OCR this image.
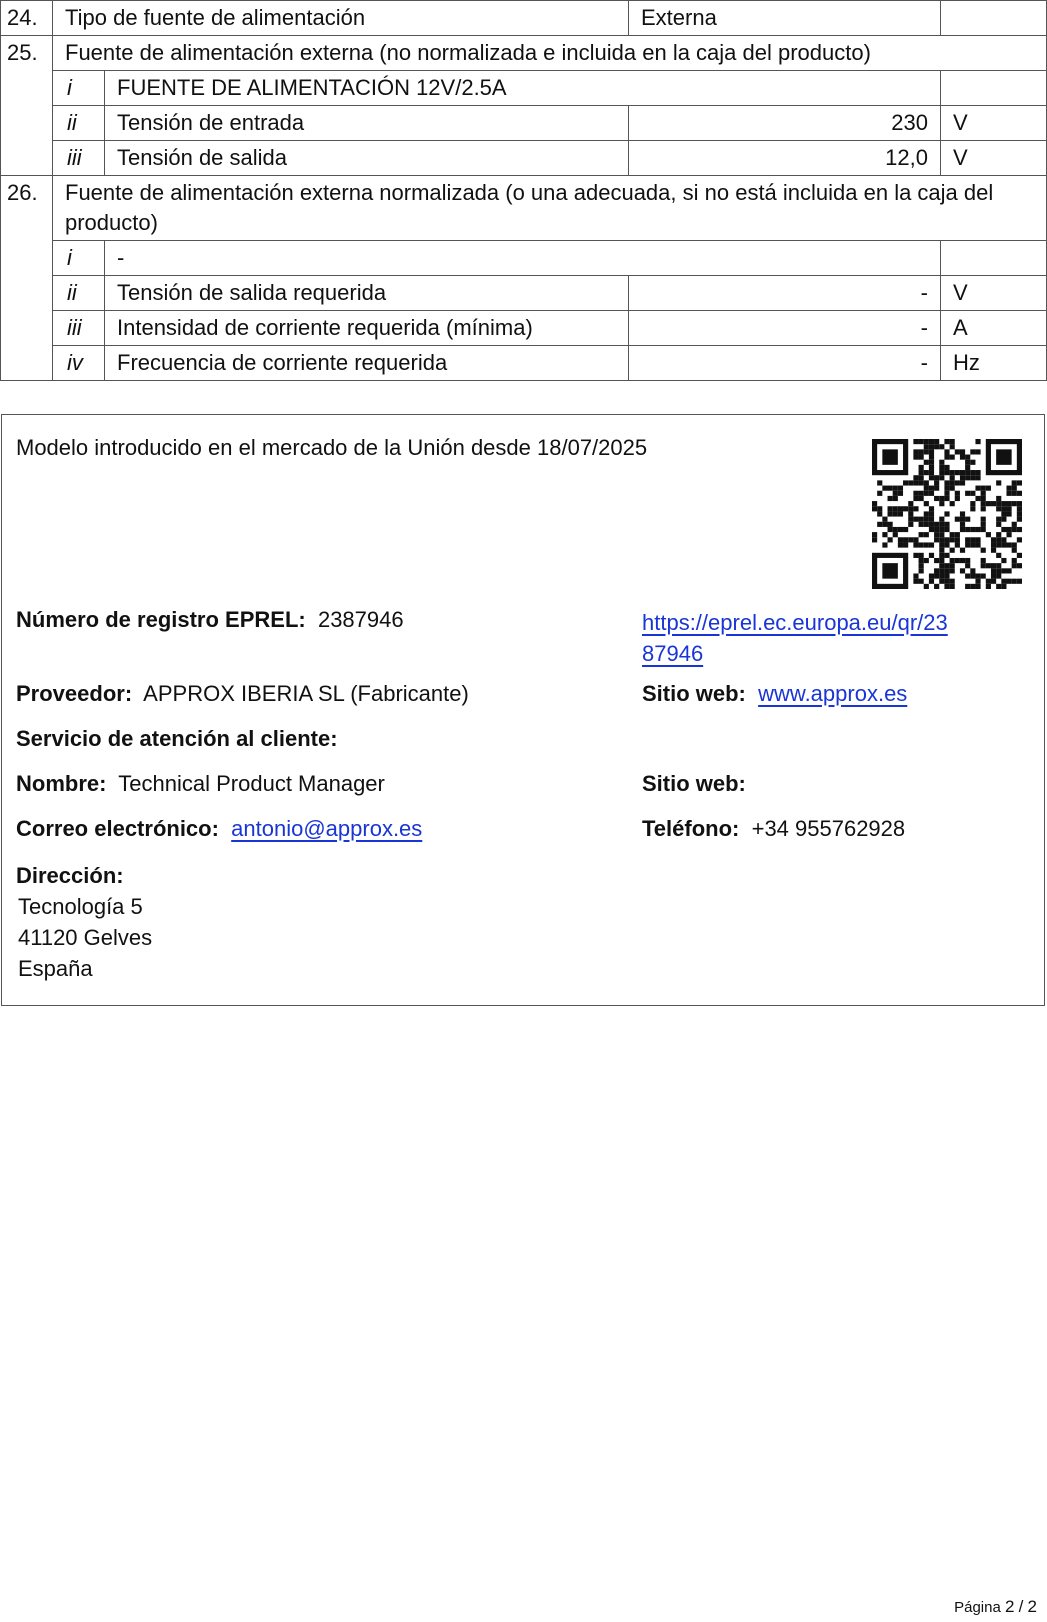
24.	Tipo de fuente de alimentación		Externa	
25.	Fuente de alimentación externa (no normalizada e incluida en la caja del producto)			
	i	FUENTE DE ALIMENTACIÓN 12V/2.5A		
	ii	Tensión de entrada	230	V
	iii	Tensión de salida	12,0	V
26.	Fuente de alimentación externa normalizada (o una adecuada, si no está incluida en la caja del producto)			
	i	-		
	ii	Tensión de salida requerida	-	V
	iii	Intensidad de corriente requerida (mínima)	-	A
	iv	Frecuencia de corriente requerida	-	Hz
Modelo introducido en el mercado de la Unión desde 18/07/2025
Número de registro EPREL: 2387946	https://eprel.ec.europa.eu/qr/23
87946
Proveedor: APPROX IBERIA SL (Fabricante)	Sitio web: www.approx.es
Servicio de atención al cliente:
Nombre: Technical Product Manager	Sitio web:
Correo electrónico: antonio@approx.es	Teléfono: +34 955762928
Dirección:
Tecnología 5
41120 Gelves
España
Página 2 / 2
